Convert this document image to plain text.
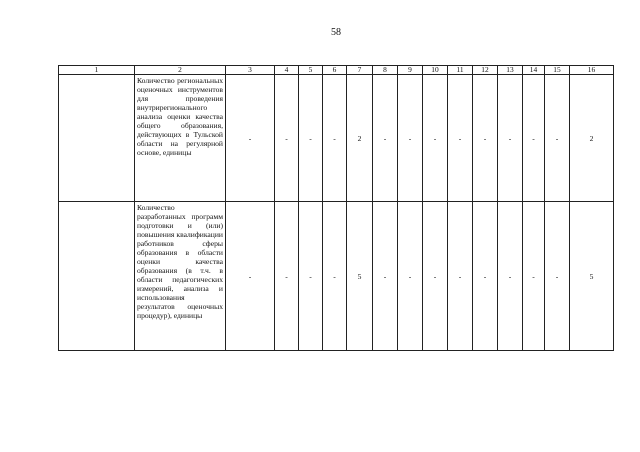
58
1	2	3	4	5	6	7	8	9	10	11	12	13	14	15	16

	Количество региональных оценочных инструментов для проведения внутрирегионального анализа оценки качества общего образования, действующих в Тульской области на регулярной основе, единицы	-	-	-	-	2	-	-	-	-	-	-	-	-	2

	Количество разработанных программ подготовки и (или) повышения квалификации работников сферы образования в области оценки качества образования (в т.ч. в области педагогических измерений, анализа и использования результатов оценочных процедур), единицы	-	-	-	-	5	-	-	-	-	-	-	-	-	5
